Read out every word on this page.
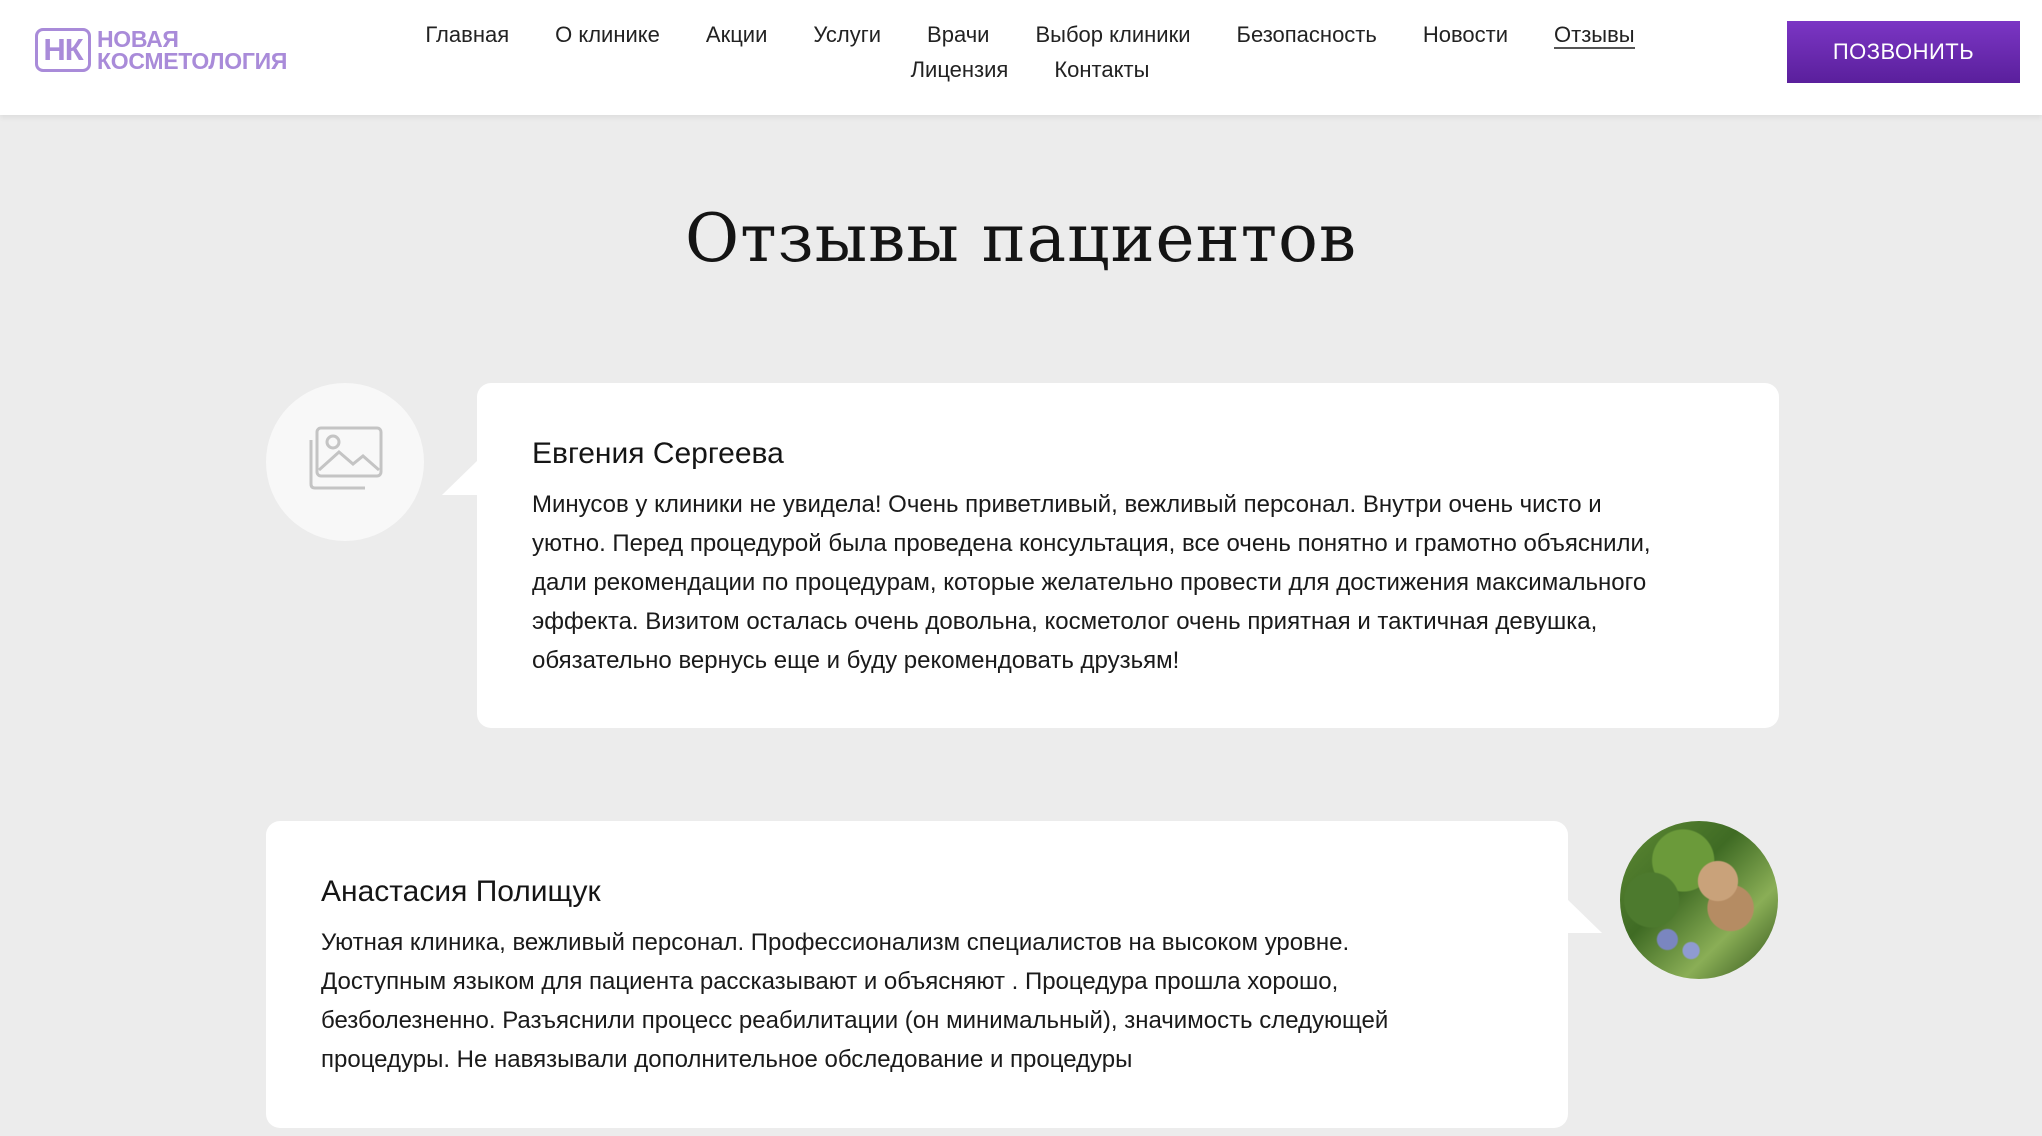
НК НОВАЯ
КОСМЕТОЛОГИЯ
Главная О клинике Акции Услуги Врачи Выбор клиники Безопасность Новости Отзывы
Лицензия Контакты
ПОЗВОНИТЬ
Отзывы пациентов
Евгения Сергеева
Минусов у клиники не увидела! Очень приветливый, вежливый персонал. Внутри очень чисто и
уютно. Перед процедурой была проведена консультация, все очень понятно и грамотно объяснили,
дали рекомендации по процедурам, которые желательно провести для достижения максимального
эффекта. Визитом осталась очень довольна, косметолог очень приятная и тактичная девушка,
обязательно вернусь еще и буду рекомендовать друзьям!
Анастасия Полищук
Уютная клиника, вежливый персонал. Профессионализм специалистов на высоком уровне.
Доступным языком для пациента рассказывают и объясняют . Процедура прошла хорошо,
безболезненно. Разъяснили процесс реабилитации (он минимальный), значимость следующей
процедуры. Не навязывали дополнительное обследование и процедуры
